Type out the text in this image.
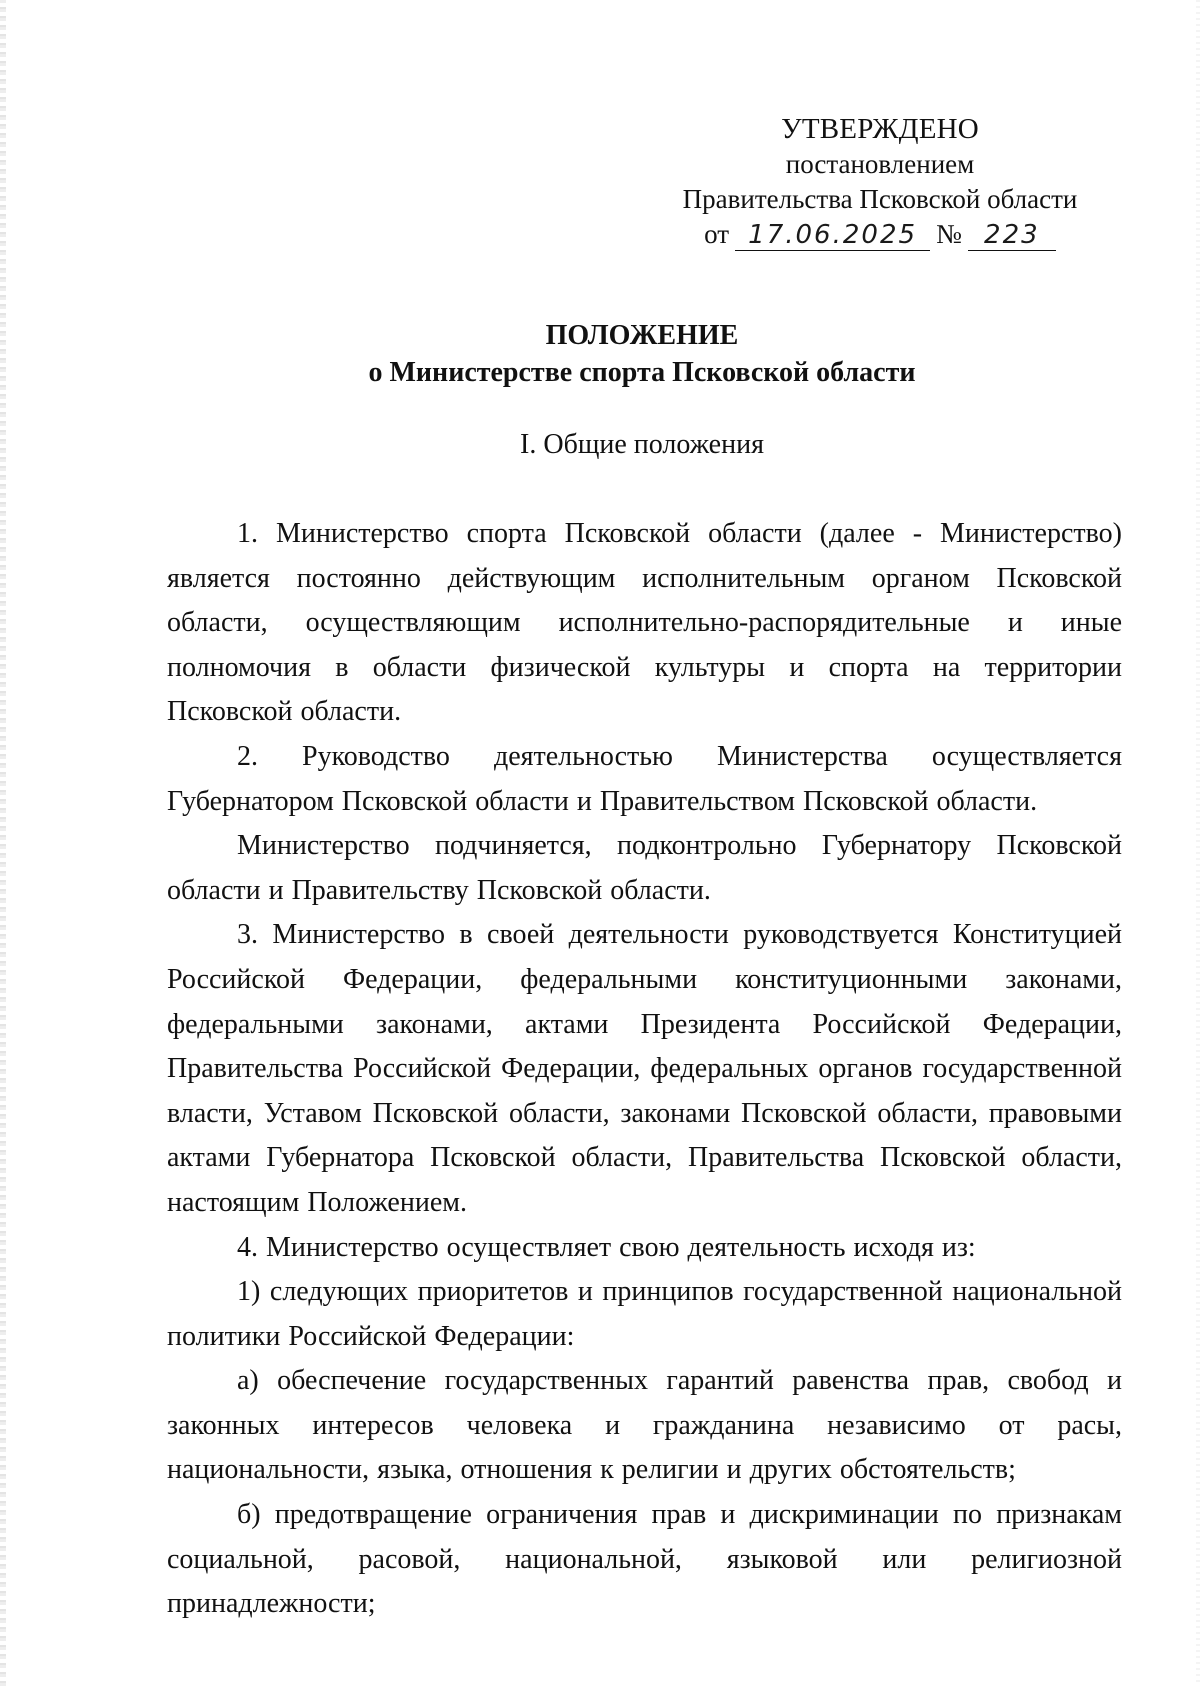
УТВЕРЖДЕНО
постановлением
Правительства Псковской области
от 17.06.2025 № 223
ПОЛОЖЕНИЕ
о Министерстве спорта Псковской области
I. Общие положения

1. Министерство спорта Псковской области (далее - Министерство) является постоянно действующим исполнительным органом Псковской области, осуществляющим исполнительно-распорядительные и иные полномочия в области физической культуры и спорта на территории Псковской области.

2. Руководство деятельностью Министерства осуществляется Губернатором Псковской области и Правительством Псковской области.

Министерство подчиняется, подконтрольно Губернатору Псковской области и Правительству Псковской области.

3. Министерство в своей деятельности руководствуется Конституцией Российской Федерации, федеральными конституционными законами, федеральными законами, актами Президента Российской Федерации, Правительства Российской Федерации, федеральных органов государственной власти, Уставом Псковской области, законами Псковской области, правовыми актами Губернатора Псковской области, Правительства Псковской области, настоящим Положением.

4. Министерство осуществляет свою деятельность исходя из:

1) следующих приоритетов и принципов государственной национальной политики Российской Федерации:

а) обеспечение государственных гарантий равенства прав, свобод и законных интересов человека и гражданина независимо от расы, национальности, языка, отношения к религии и других обстоятельств;

б) предотвращение ограничения прав и дискриминации по признакам социальной, расовой, национальной, языковой или религиозной принадлежности;
